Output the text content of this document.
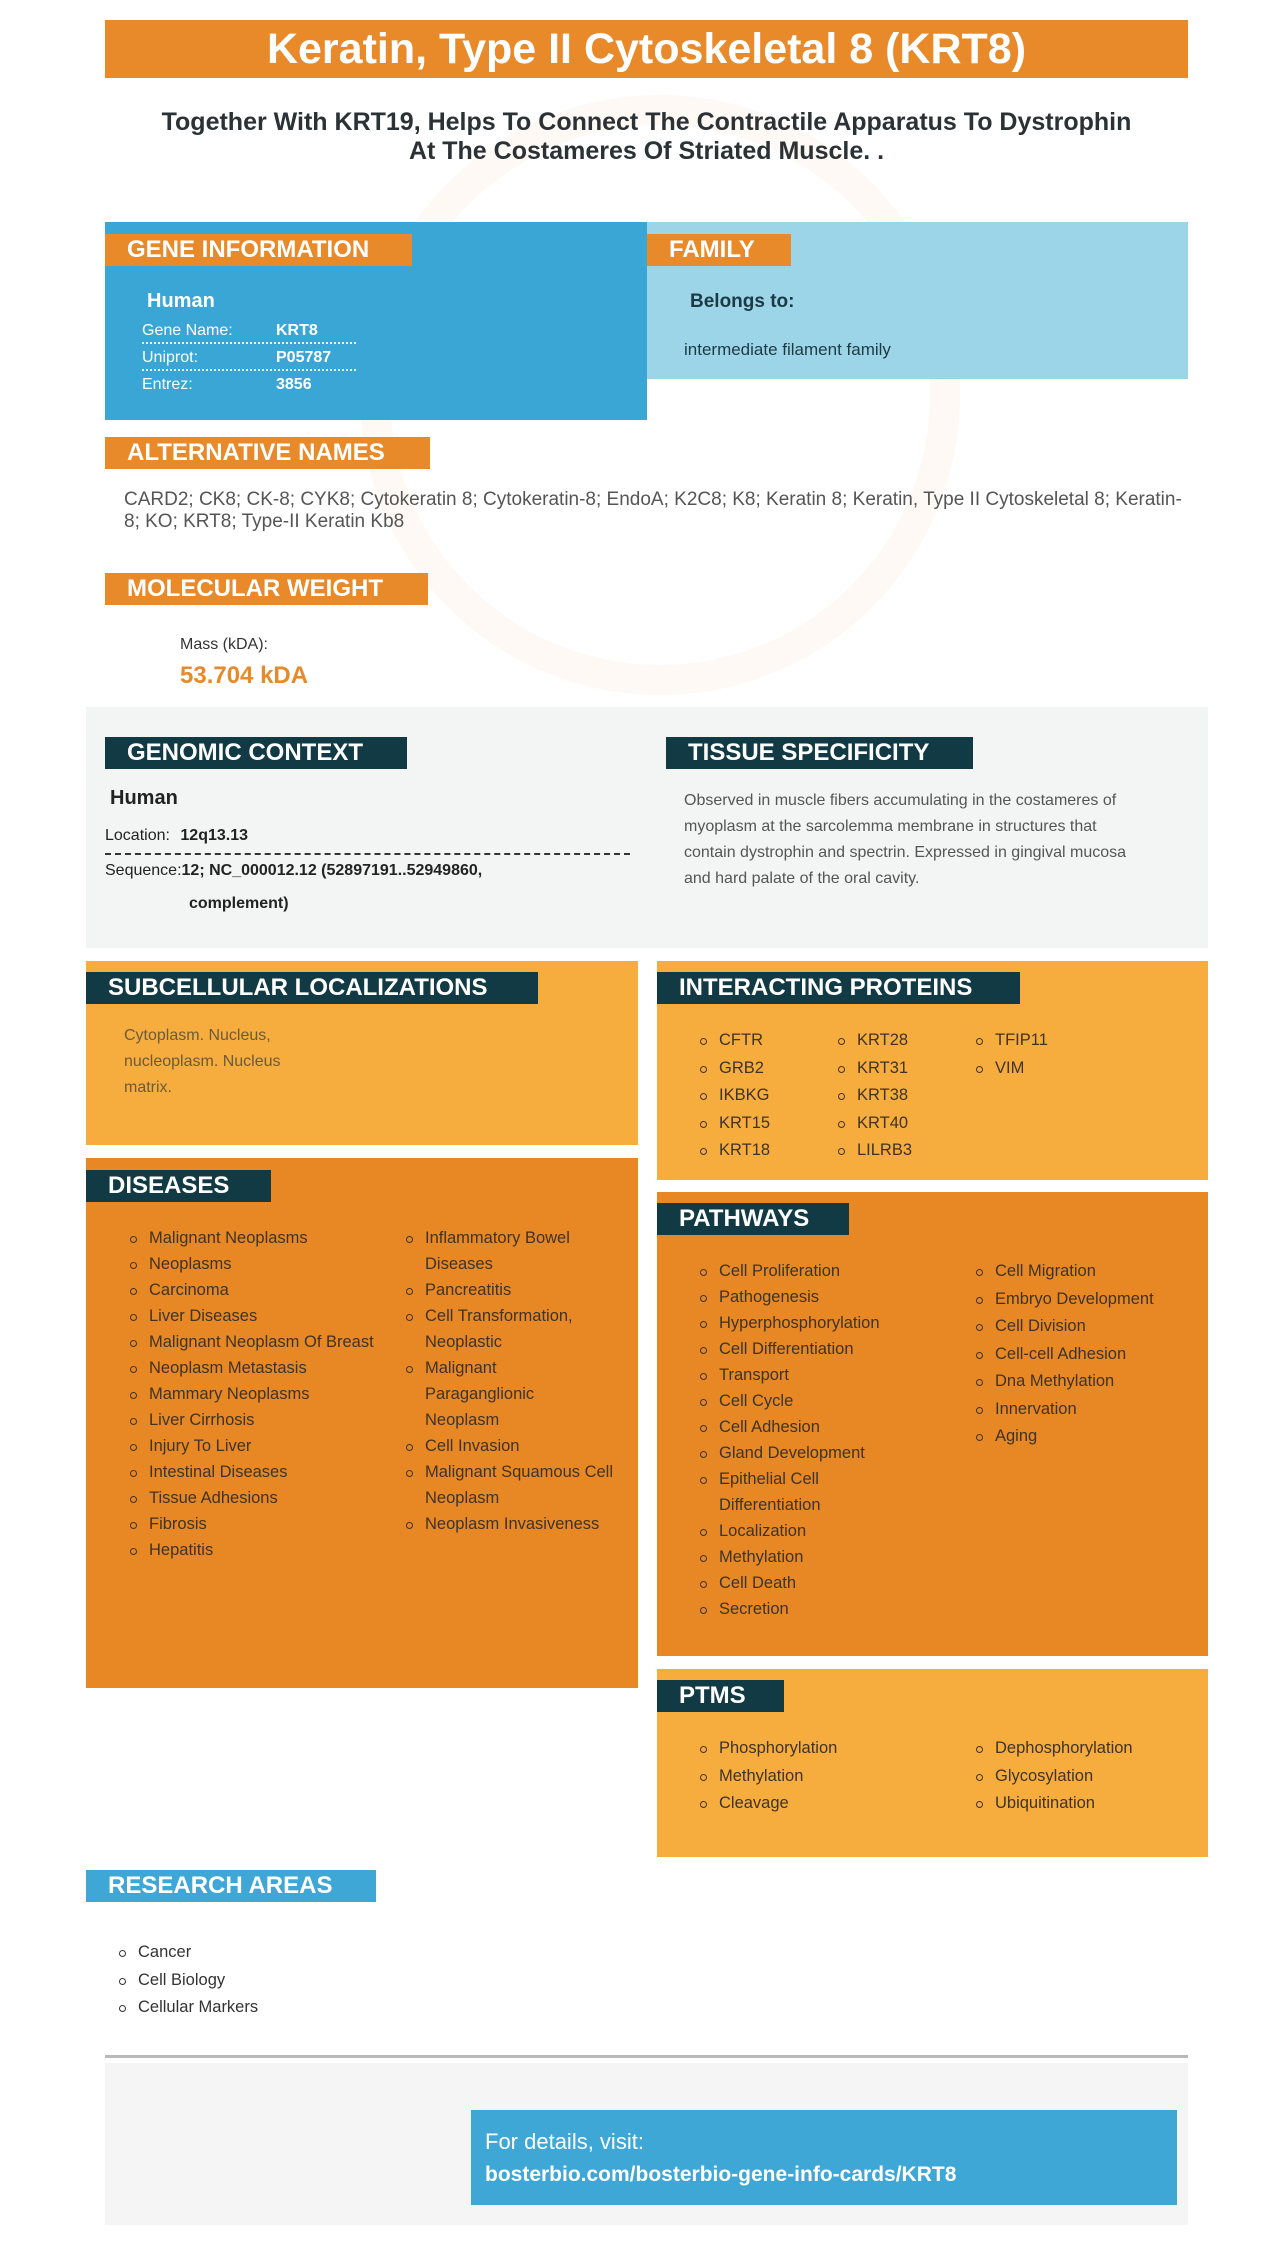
Keratin, Type II Cytoskeletal 8 (KRT8)
Together With KRT19, Helps To Connect The Contractile Apparatus To Dystrophin
At The Costameres Of Striated Muscle. .
GENE INFORMATION
Human
Gene Name:	KRT8
Uniprot:	P05787
Entrez:	3856
FAMILY
Belongs to:
intermediate filament family
ALTERNATIVE NAMES
CARD2; CK8; CK-8; CYK8; Cytokeratin 8; Cytokeratin-8; EndoA; K2C8; K8; Keratin 8; Keratin, Type II Cytoskeletal 8; Keratin-8; KO; KRT8; Type-II Keratin Kb8
MOLECULAR WEIGHT
Mass (kDA):
53.704 kDA
GENOMIC CONTEXT
Human
Location: 12q13.13
Sequence:12; NC_000012.12 (52897191..52949860,
complement)
TISSUE SPECIFICITY
Observed in muscle fibers accumulating in the costameres of
myoplasm at the sarcolemma membrane in structures that
contain dystrophin and spectrin. Expressed in gingival mucosa
and hard palate of the oral cavity.
SUBCELLULAR LOCALIZATIONS
Cytoplasm. Nucleus,
nucleoplasm. Nucleus
matrix.
INTERACTING PROTEINS
CFTR
GRB2
IKBKG
KRT15
KRT18
KRT28
KRT31
KRT38
KRT40
LILRB3
TFIP11
VIM
DISEASES
Malignant Neoplasms
Neoplasms
Carcinoma
Liver Diseases
Malignant Neoplasm Of Breast
Neoplasm Metastasis
Mammary Neoplasms
Liver Cirrhosis
Injury To Liver
Intestinal Diseases
Tissue Adhesions
Fibrosis
Hepatitis
Inflammatory Bowel Diseases
Pancreatitis
Cell Transformation, Neoplastic
Malignant Paraganglionic Neoplasm
Cell Invasion
Malignant Squamous Cell Neoplasm
Neoplasm Invasiveness
PATHWAYS
Cell Proliferation
Pathogenesis
Hyperphosphorylation
Cell Differentiation
Transport
Cell Cycle
Cell Adhesion
Gland Development
Epithelial Cell Differentiation
Localization
Methylation
Cell Death
Secretion
Cell Migration
Embryo Development
Cell Division
Cell-cell Adhesion
Dna Methylation
Innervation
Aging
PTMS
Phosphorylation
Methylation
Cleavage
Dephosphorylation
Glycosylation
Ubiquitination
RESEARCH AREAS
Cancer
Cell Biology
Cellular Markers
For details, visit:
bosterbio.com/bosterbio-gene-info-cards/KRT8
